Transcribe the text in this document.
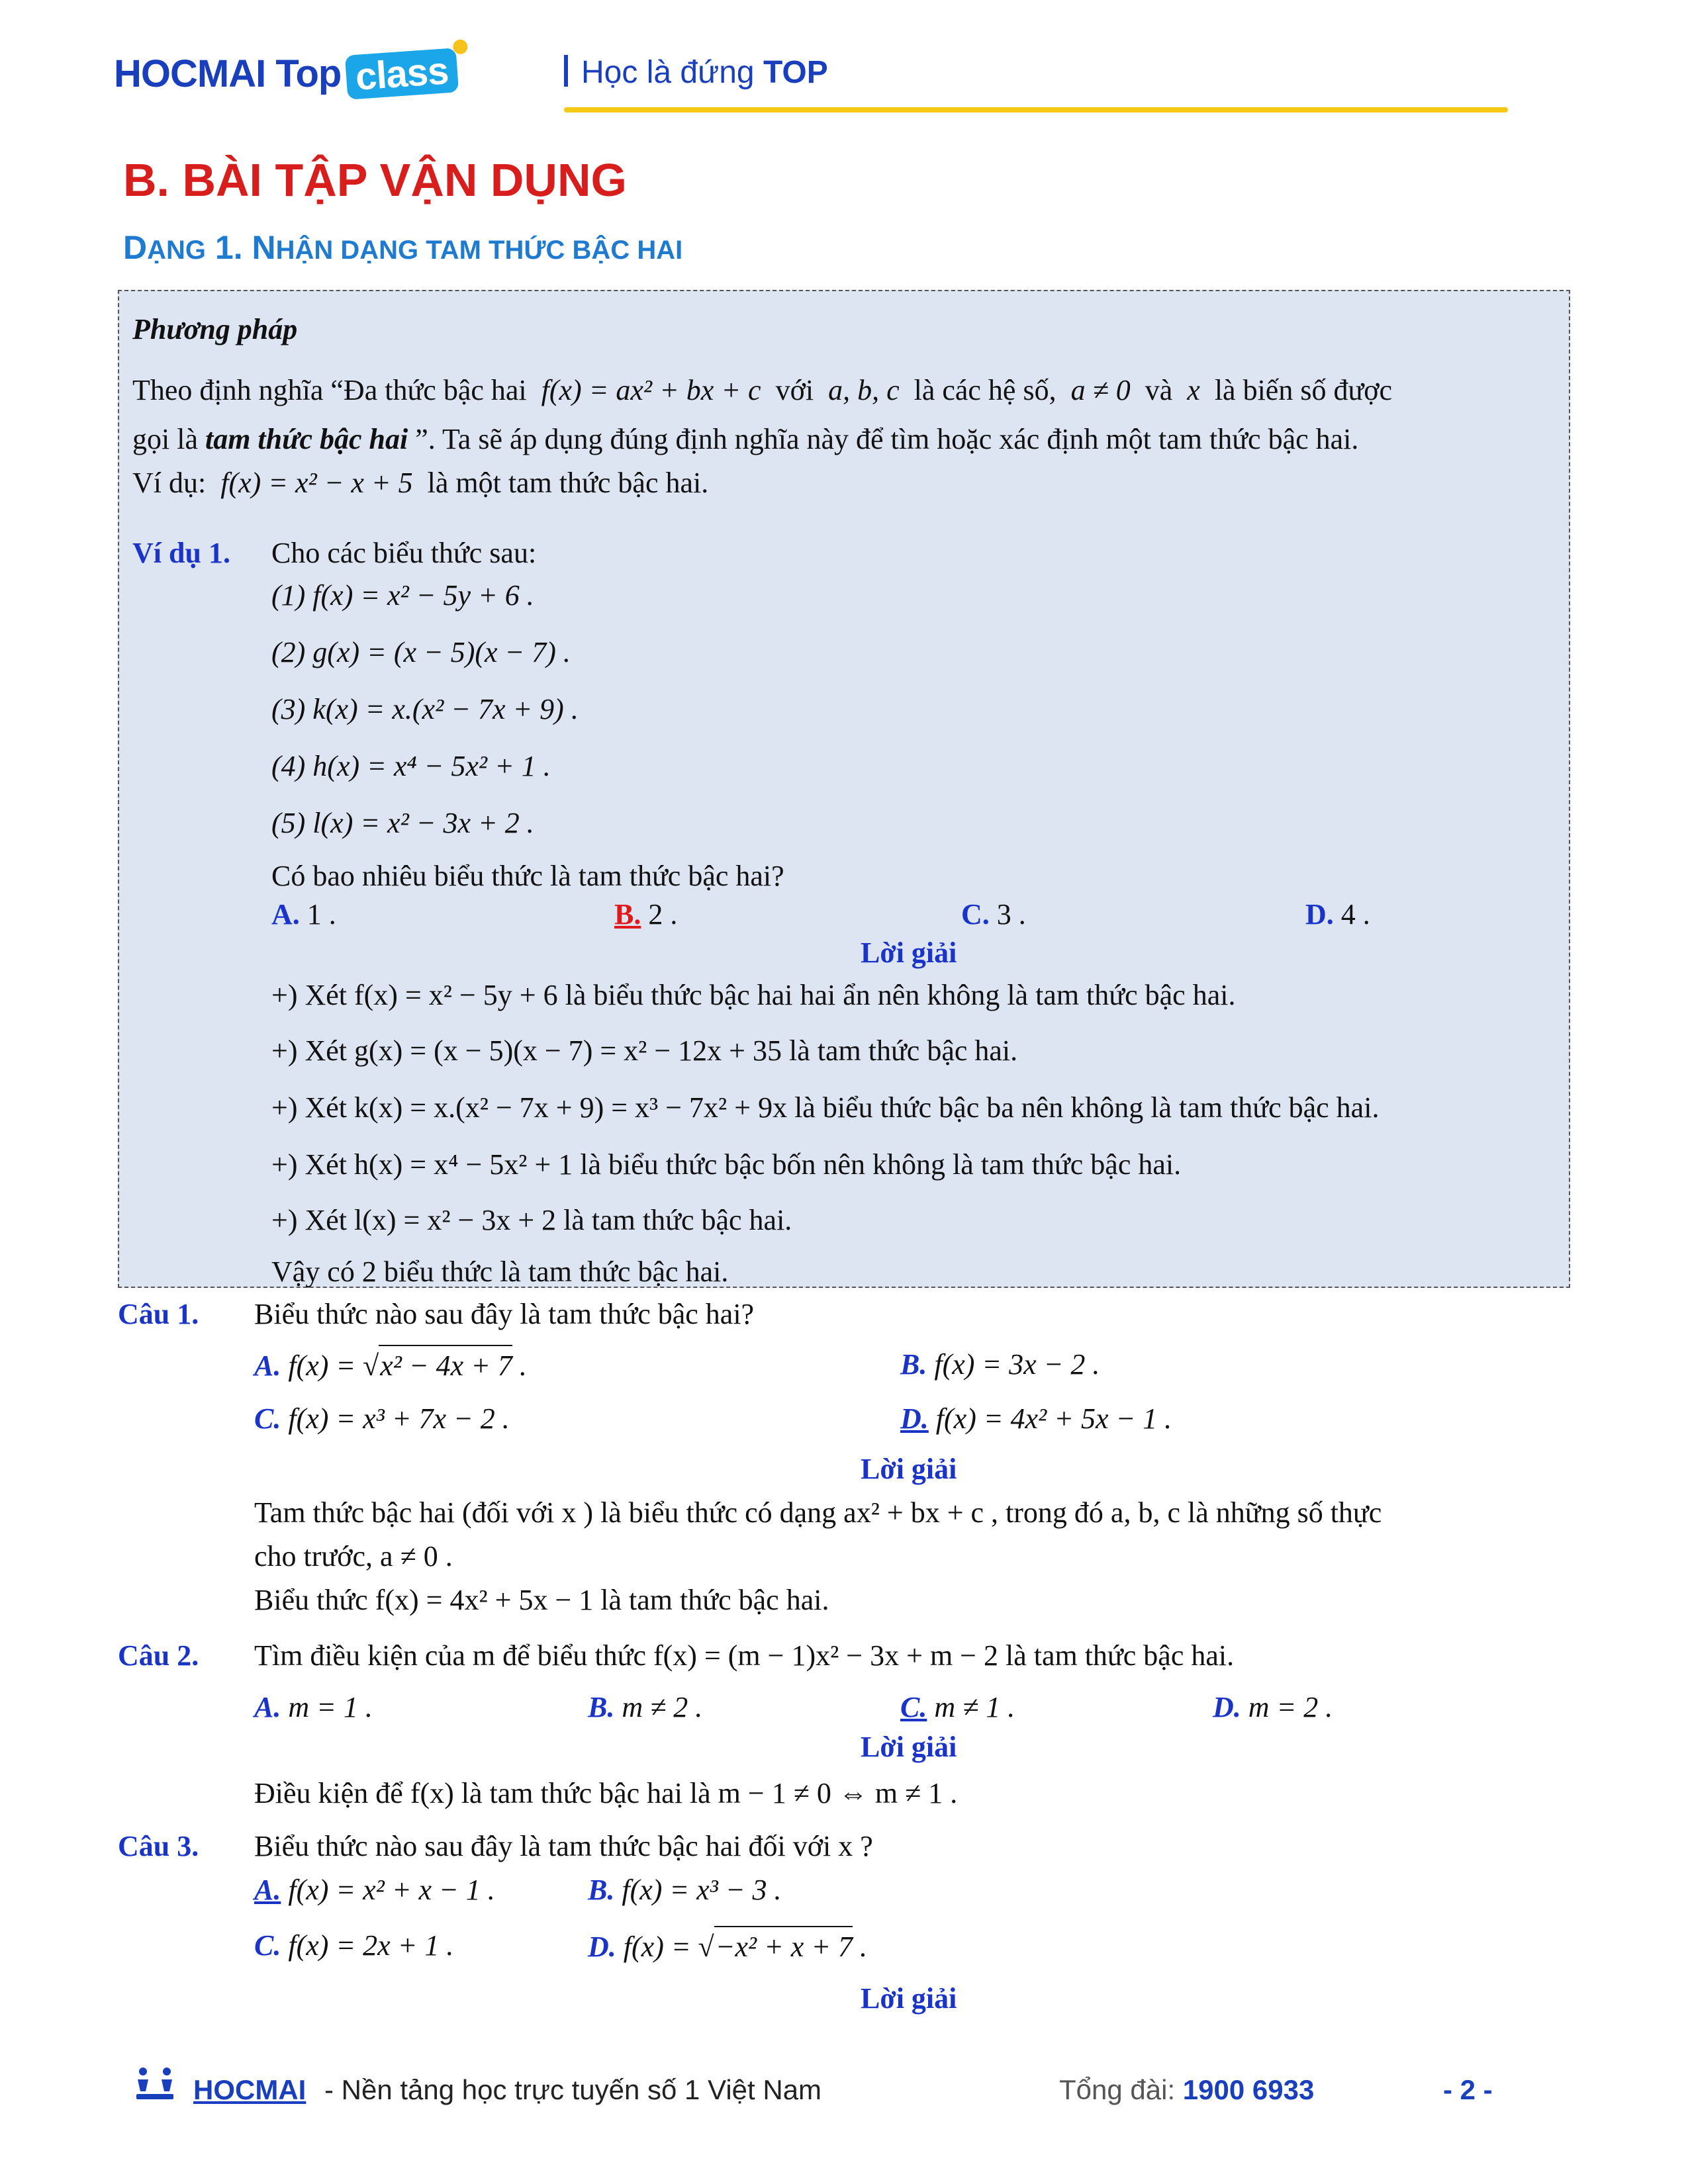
HOCMAI Top class	Học là đứng TOP
B. BÀI TẬP VẬN DỤNG
DẠNG 1. NHẬN DẠNG TAM THỨC BẬC HAI
Phương pháp
Theo định nghĩa “Đa thức bậc hai f(x) = ax² + bx + c với a, b, c là các hệ số, a ≠ 0 và x là biến số được
gọi là tam thức bậc hai ”. Ta sẽ áp dụng đúng định nghĩa này để tìm hoặc xác định một tam thức bậc hai.
Ví dụ: f(x) = x² − x + 5 là một tam thức bậc hai.
Ví dụ 1. Cho các biểu thức sau:
(1) f(x) = x² − 5y + 6 .
(2) g(x) = (x − 5)(x − 7) .
(3) k(x) = x.(x² − 7x + 9) .
(4) h(x) = x⁴ − 5x² + 1 .
(5) l(x) = x² − 3x + 2 .
Có bao nhiêu biểu thức là tam thức bậc hai?
A. 1 .	B. 2 .	C. 3 .	D. 4 .
Lời giải
+) Xét f(x) = x² − 5y + 6 là biểu thức bậc hai hai ẩn nên không là tam thức bậc hai.
+) Xét g(x) = (x − 5)(x − 7) = x² − 12x + 35 là tam thức bậc hai.
+) Xét k(x) = x.(x² − 7x + 9) = x³ − 7x² + 9x là biểu thức bậc ba nên không là tam thức bậc hai.
+) Xét h(x) = x⁴ − 5x² + 1 là biểu thức bậc bốn nên không là tam thức bậc hai.
+) Xét l(x) = x² − 3x + 2 là tam thức bậc hai.
Vậy có 2 biểu thức là tam thức bậc hai.
Câu 1. Biểu thức nào sau đây là tam thức bậc hai?
A. f(x) = √x² − 4x + 7 .	B. f(x) = 3x − 2 .
C. f(x) = x³ + 7x − 2 .	D. f(x) = 4x² + 5x − 1 .
Lời giải
Tam thức bậc hai (đối với x ) là biểu thức có dạng ax² + bx + c , trong đó a, b, c là những số thực
cho trước, a ≠ 0 .
Biểu thức f(x) = 4x² + 5x − 1 là tam thức bậc hai.
Câu 2. Tìm điều kiện của m để biểu thức f(x) = (m − 1)x² − 3x + m − 2 là tam thức bậc hai.
A. m = 1 .	B. m ≠ 2 .	C. m ≠ 1 .	D. m = 2 .
Lời giải
Điều kiện để f(x) là tam thức bậc hai là m − 1 ≠ 0 ⇔ m ≠ 1 .
Câu 3. Biểu thức nào sau đây là tam thức bậc hai đối với x ?
A. f(x) = x² + x − 1 .	B. f(x) = x³ − 3 .
C. f(x) = 2x + 1 .	D. f(x) = √−x² + x + 7 .
Lời giải
HOCMAI - Nền tảng học trực tuyến số 1 Việt Nam	Tổng đài: 1900 6933	- 2 -
